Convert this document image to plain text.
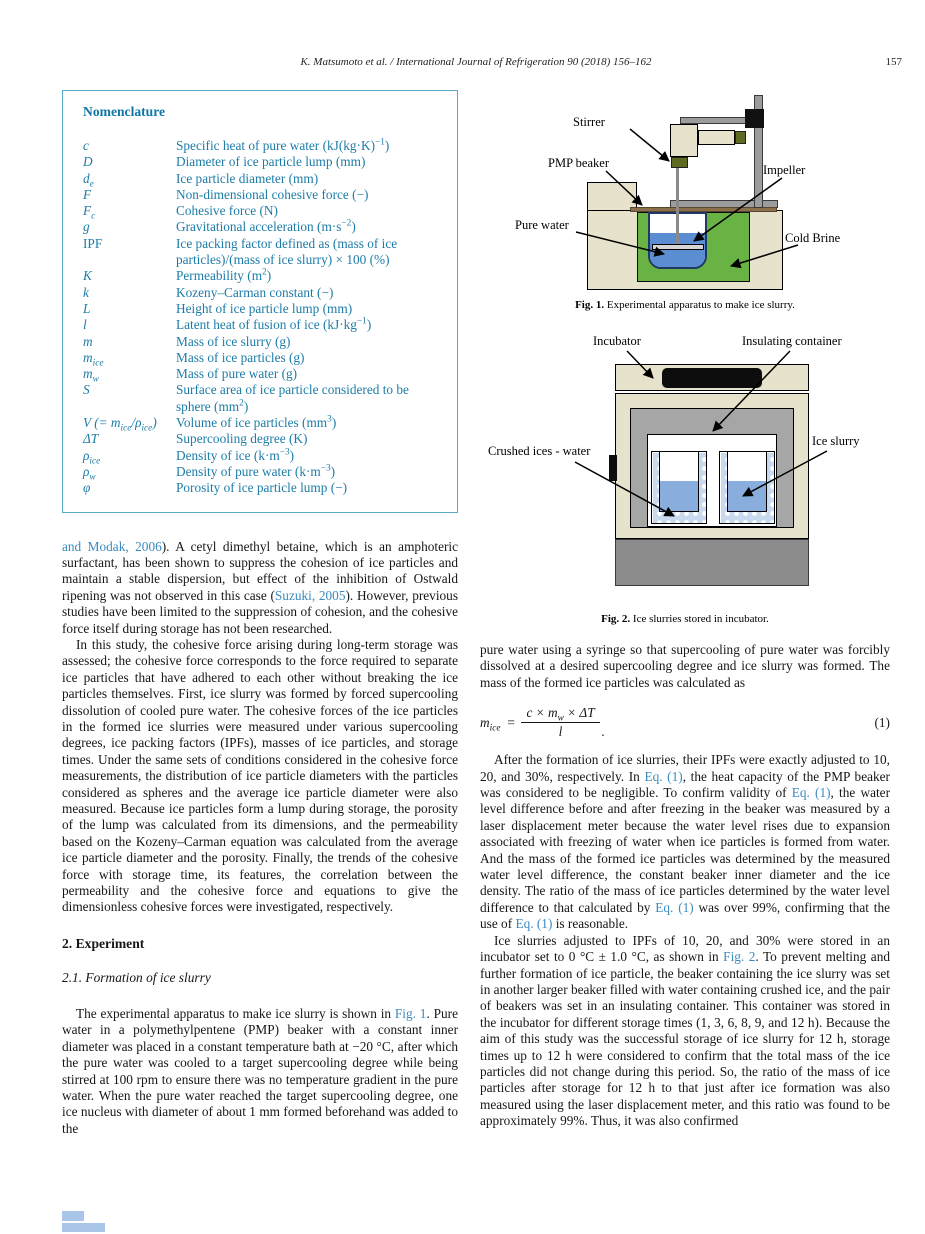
K. Matsumoto et al. / International Journal of Refrigeration 90 (2018) 156–162	157
Nomenclature
c	Specific heat of pure water $(kJ(kg\cdot K)^{-1})$
D	Diameter of ice particle lump (mm)
$d_e$	Ice particle diameter (mm)
F	Non-dimensional cohesive force (−)
$F_c$	Cohesive force (N)
g	Gravitational acceleration $(m\cdot s^{-2})$
IPF	Ice packing factor defined as (mass of ice particles)/(mass of ice slurry) × 100 (%)
K	Permeability $(m^2)$
k	Kozeny–Carman constant (−)
L	Height of ice particle lump (mm)
l	Latent heat of fusion of ice $(kJ\cdot kg^{-1})$
m	Mass of ice slurry (g)
$m_{ice}$	Mass of ice particles (g)
$m_w$	Mass of pure water (g)
S	Surface area of ice particle considered to be sphere $(mm^2)$
V (= $m_{ice}/\rho_{ice}$)	Volume of ice particles $(mm^3)$
ΔT	Supercooling degree (K)
$\rho_{ice}$	Density of ice $(k\cdot m^{-3})$
$\rho_w$	Density of pure water $(k\cdot m^{-3})$
φ	Porosity of ice particle lump (−)

and Modak, 2006). A cetyl dimethyl betaine, which is an amphoteric surfactant, has been shown to suppress the cohesion of ice particles and maintain a stable dispersion, but effect of the inhibition of Ostwald ripening was not observed in this case (Suzuki, 2005). However, previous studies have been limited to the suppression of cohesion, and the cohesive force itself during storage has not been researched.

In this study, the cohesive force arising during long-term storage was assessed; the cohesive force corresponds to the force required to separate ice particles that have adhered to each other without breaking the ice particles themselves. First, ice slurry was formed by forced supercooling dissolution of cooled pure water. The cohesive forces of the ice particles in the formed ice slurries were measured under various supercooling degrees, ice packing factors (IPFs), masses of ice particles, and storage times. Under the same sets of conditions considered in the cohesive force measurements, the distribution of ice particle diameters with the particles considered as spheres and the average ice particle diameter were also measured. Because ice particles form a lump during storage, the porosity of the lump was calculated from its dimensions, and the permeability based on the Kozeny–Carman equation was calculated from the average ice particle diameter and the porosity. Finally, the trends of the cohesive force with storage time, its features, the correlation between the permeability and the cohesive force and equations to give the dimensionless cohesive forces were investigated, respectively.

2. Experiment
2.1. Formation of ice slurry

The experimental apparatus to make ice slurry is shown in Fig. 1. Pure water in a polymethylpentene (PMP) beaker with a constant inner diameter was placed in a constant temperature bath at −20 °C, after which the pure water was cooled to a target supercooling degree while being stirred at 100 rpm to ensure there was no temperature gradient in the pure water. When the pure water reached the target supercooling degree, one ice nucleus with diameter of about 1 mm formed beforehand was added to the

Stirrer
PMP beaker	Impeller
Pure water
Cold Brine
Fig. 1. Experimental apparatus to make ice slurry.
Incubator	Insulating container
Crushed ices - water
Ice slurry
Fig. 2. Ice slurries stored in incubator.

pure water using a syringe so that supercooling of pure water was forcibly dissolved at a desired supercooling degree and ice slurry was formed. The mass of the formed ice particles was calculated as

$m_{ice} = \frac{c \times m_w \times \Delta T}{l}$ .
(1)

After the formation of ice slurries, their IPFs were exactly adjusted to 10, 20, and 30%, respectively. In Eq. (1), the heat capacity of the PMP beaker was considered to be negligible. To confirm validity of Eq. (1), the water level difference before and after freezing in the beaker was measured by a laser displacement meter because the water level rises due to expansion associated with freezing of water when ice particles is formed from water. And the mass of the formed ice particles was determined by the measured water level difference, the constant beaker inner diameter and the ice density. The ratio of the mass of ice particles determined by the water level difference to that calculated by Eq. (1) was over 99%, confirming that the use of Eq. (1) is reasonable.

Ice slurries adjusted to IPFs of 10, 20, and 30% were stored in an incubator set to 0 °C ± 1.0 °C, as shown in Fig. 2. To prevent melting and further formation of ice particle, the beaker containing the ice slurry was set in another larger beaker filled with water containing crushed ice, and the pair of beakers was set in an insulating container. This container was stored in the incubator for different storage times (1, 3, 6, 8, 9, and 12 h). Because the aim of this study was the successful storage of ice slurry for 12 h, storage times up to 12 h were considered to confirm that the total mass of the ice particles did not change during this period. So, the ratio of the mass of ice particles after storage for 12 h to that just after ice formation was also measured using the laser displacement meter, and this ratio was found to be approximately 99%. Thus, it was also confirmed
